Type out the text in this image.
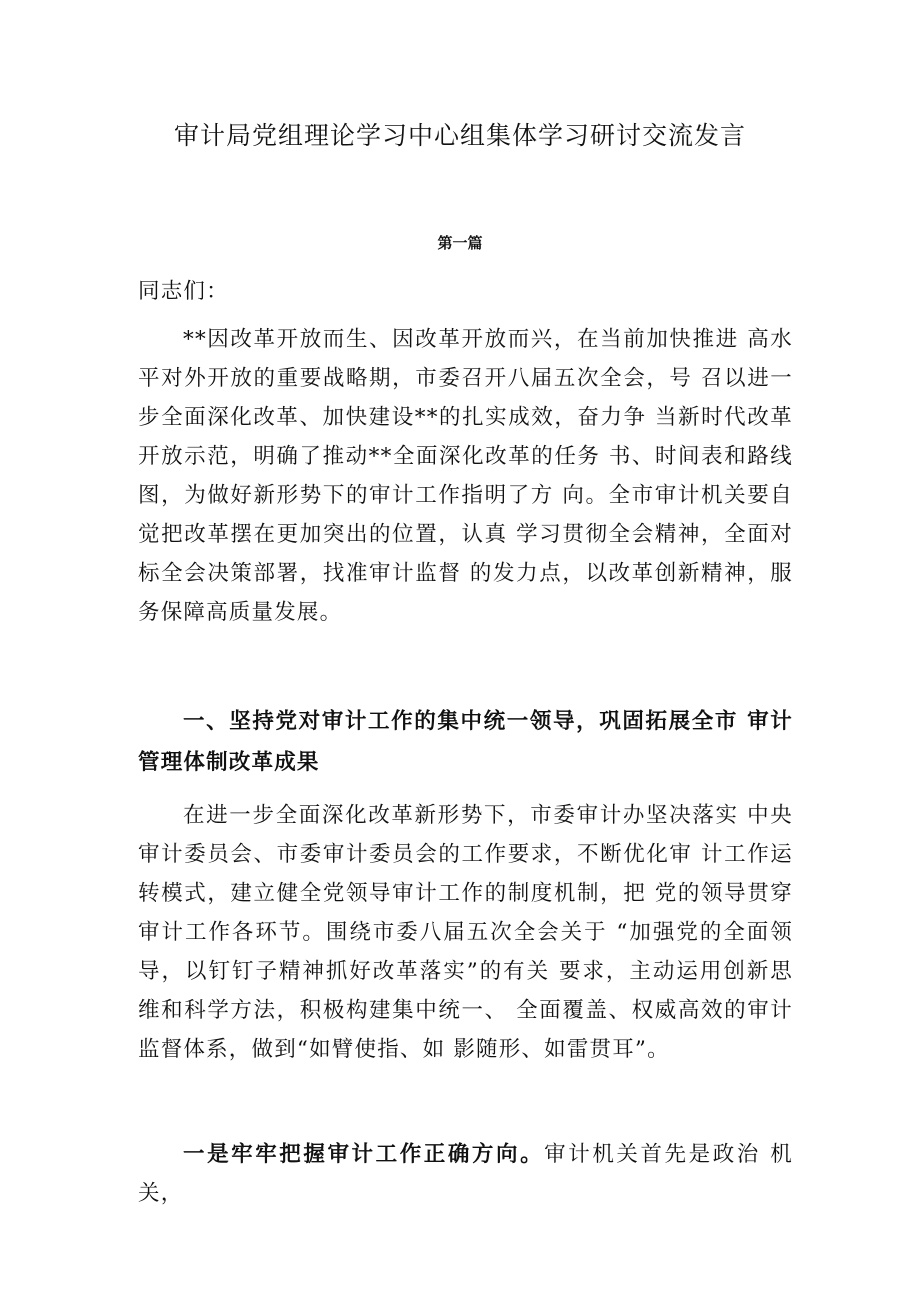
审计局党组理论学习中心组集体学习研讨交流发言
第一篇
同志们：
**因改革开放而生、因改革开放而兴，在当前加快推进 高水平对外开放的重要战略期，市委召开八届五次全会，号 召以进一步全面深化改革、加快建设**的扎实成效，奋力争 当新时代改革开放示范，明确了推动**全面深化改革的任务 书、时间表和路线图，为做好新形势下的审计工作指明了方 向。全市审计机关要自觉把改革摆在更加突出的位置，认真 学习贯彻全会精神，全面对标全会决策部署，找准审计监督 的发力点，以改革创新精神，服务保障高质量发展。
一、坚持党对审计工作的集中统一领导，巩固拓展全市 审计管理体制改革成果
在进一步全面深化改革新形势下，市委审计办坚决落实 中央审计委员会、市委审计委员会的工作要求，不断优化审 计工作运转模式，建立健全党领导审计工作的制度机制，把 党的领导贯穿审计工作各环节。围绕市委八届五次全会关于 “加强党的全面领导，以钉钉子精神抓好改革落实”的有关 要求，主动运用创新思维和科学方法，积极构建集中统一、 全面覆盖、权威高效的审计监督体系，做到“如臂使指、如 影随形、如雷贯耳”。
一是牢牢把握审计工作正确方向。审计机关首先是政治 机关，
